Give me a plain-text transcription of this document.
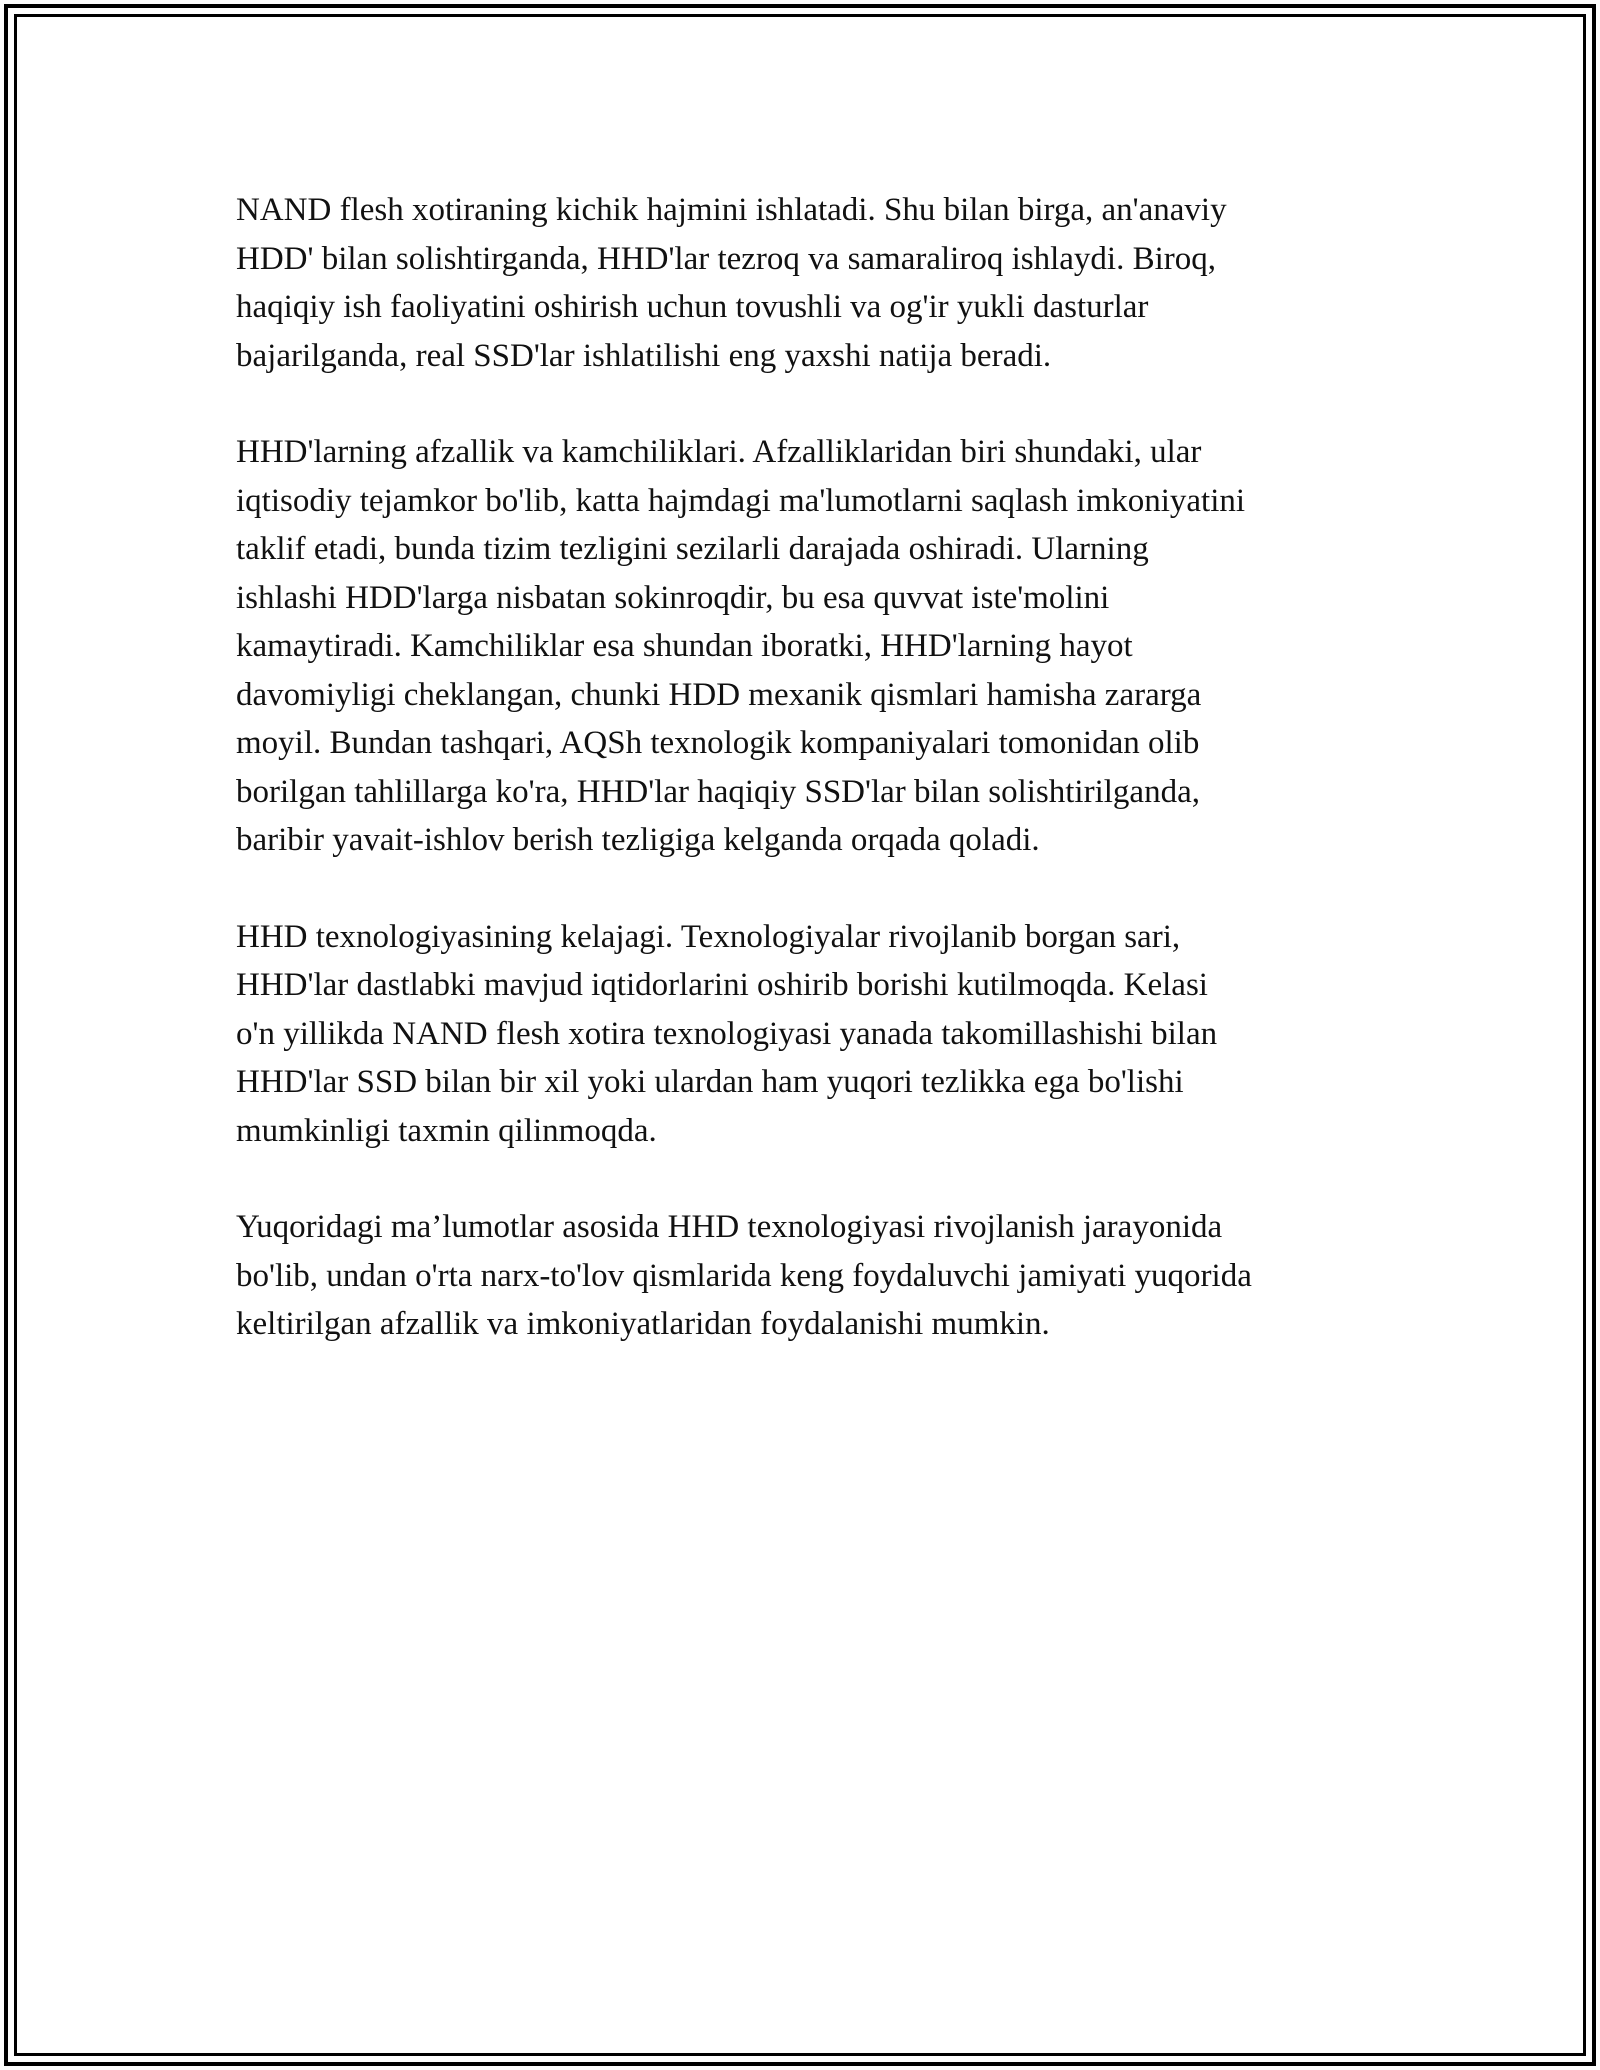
NAND flesh xotiraning kichik hajmini ishlatadi. Shu bilan birga, an'anaviy
HDD' bilan solishtirganda, HHD'lar tezroq va samaraliroq ishlaydi. Biroq,
haqiqiy ish faoliyatini oshirish uchun tovushli va og'ir yukli dasturlar
bajarilganda, real SSD'lar ishlatilishi eng yaxshi natija beradi.

HHD'larning afzallik va kamchiliklari. Afzalliklaridan biri shundaki, ular
iqtisodiy tejamkor bo'lib, katta hajmdagi ma'lumotlarni saqlash imkoniyatini
taklif etadi, bunda tizim tezligini sezilarli darajada oshiradi. Ularning
ishlashi HDD'larga nisbatan sokinroqdir, bu esa quvvat iste'molini
kamaytiradi. Kamchiliklar esa shundan iboratki, HHD'larning hayot
davomiyligi cheklangan, chunki HDD mexanik qismlari hamisha zararga
moyil. Bundan tashqari, AQSh texnologik kompaniyalari tomonidan olib
borilgan tahlillarga ko'ra, HHD'lar haqiqiy SSD'lar bilan solishtirilganda,
baribir yavait-ishlov berish tezligiga kelganda orqada qoladi.

HHD texnologiyasining kelajagi. Texnologiyalar rivojlanib borgan sari,
HHD'lar dastlabki mavjud iqtidorlarini oshirib borishi kutilmoqda. Kelasi
o'n yillikda NAND flesh xotira texnologiyasi yanada takomillashishi bilan
HHD'lar SSD bilan bir xil yoki ulardan ham yuqori tezlikka ega bo'lishi
mumkinligi taxmin qilinmoqda.

Yuqoridagi ma’lumotlar asosida HHD texnologiyasi rivojlanish jarayonida
bo'lib, undan o'rta narx-to'lov qismlarida keng foydaluvchi jamiyati yuqorida
keltirilgan afzallik va imkoniyatlaridan foydalanishi mumkin.
